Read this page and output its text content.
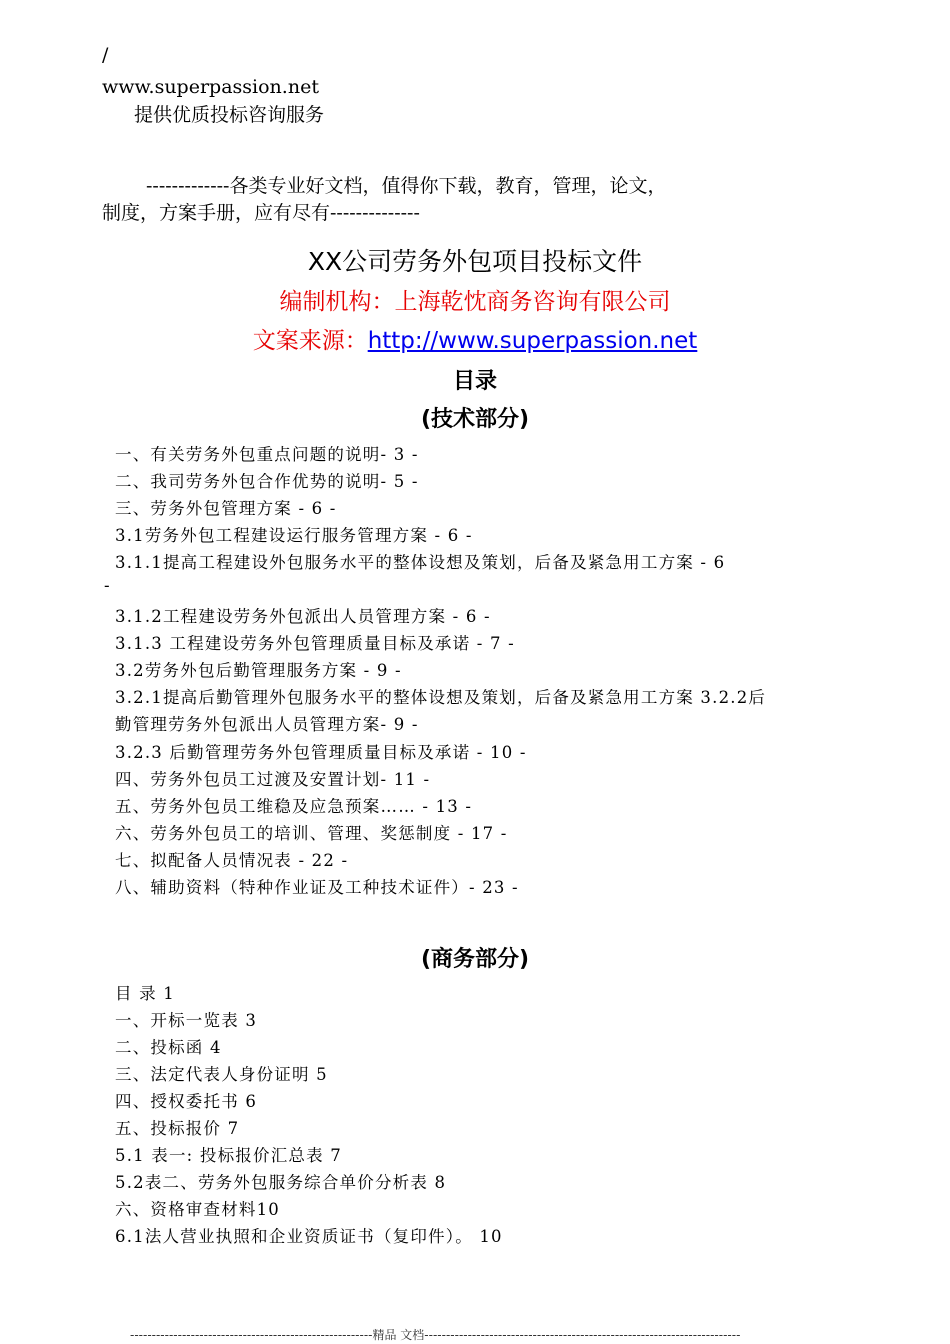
/
www.superpassion.net
提供优质投标咨询服务
-------------各类专业好文档，值得你下载，教育，管理，论文，
制度，方案手册，应有尽有--------------
XX公司劳务外包项目投标文件
编制机构：上海乾忱商务咨询有限公司
文案来源：http://www.superpassion.net
目录
(技术部分)
一、有关劳务外包重点问题的说明- 3 -
二、我司劳务外包合作优势的说明- 5 -
三、劳务外包管理方案 - 6 -
3.1劳务外包工程建设运行服务管理方案 - 6 -
3.1.1提高工程建设外包服务水平的整体设想及策划，后备及紧急用工方案 - 6
-
3.1.2工程建设劳务外包派出人员管理方案 - 6 -
3.1.3 工程建设劳务外包管理质量目标及承诺 - 7 -
3.2劳务外包后勤管理服务方案 - 9 -
3.2.1提高后勤管理外包服务水平的整体设想及策划，后备及紧急用工方案 3.2.2后
勤管理劳务外包派出人员管理方案- 9 -
3.2.3 后勤管理劳务外包管理质量目标及承诺 - 10 -
四、劳务外包员工过渡及安置计划- 11 -
五、劳务外包员工维稳及应急预案…… - 13 -
六、劳务外包员工的培训、管理、奖惩制度 - 17 -
七、拟配备人员情况表 - 22 -
八、辅助资料（特种作业证及工种技术证件）- 23 -
(商务部分)
目 录 1
一、开标一览表 3
二、投标函 4
三、法定代表人身份证明 5
四、授权委托书 6
五、投标报价 7
5.1 表一: 投标报价汇总表 7
5.2表二、劳务外包服务综合单价分析表 8
六、资格审查材料10
6.1法人营业执照和企业资质证书（复印件）。 10
--------------------------------------------------------精品 文档-------------------------------------------------------------------------
